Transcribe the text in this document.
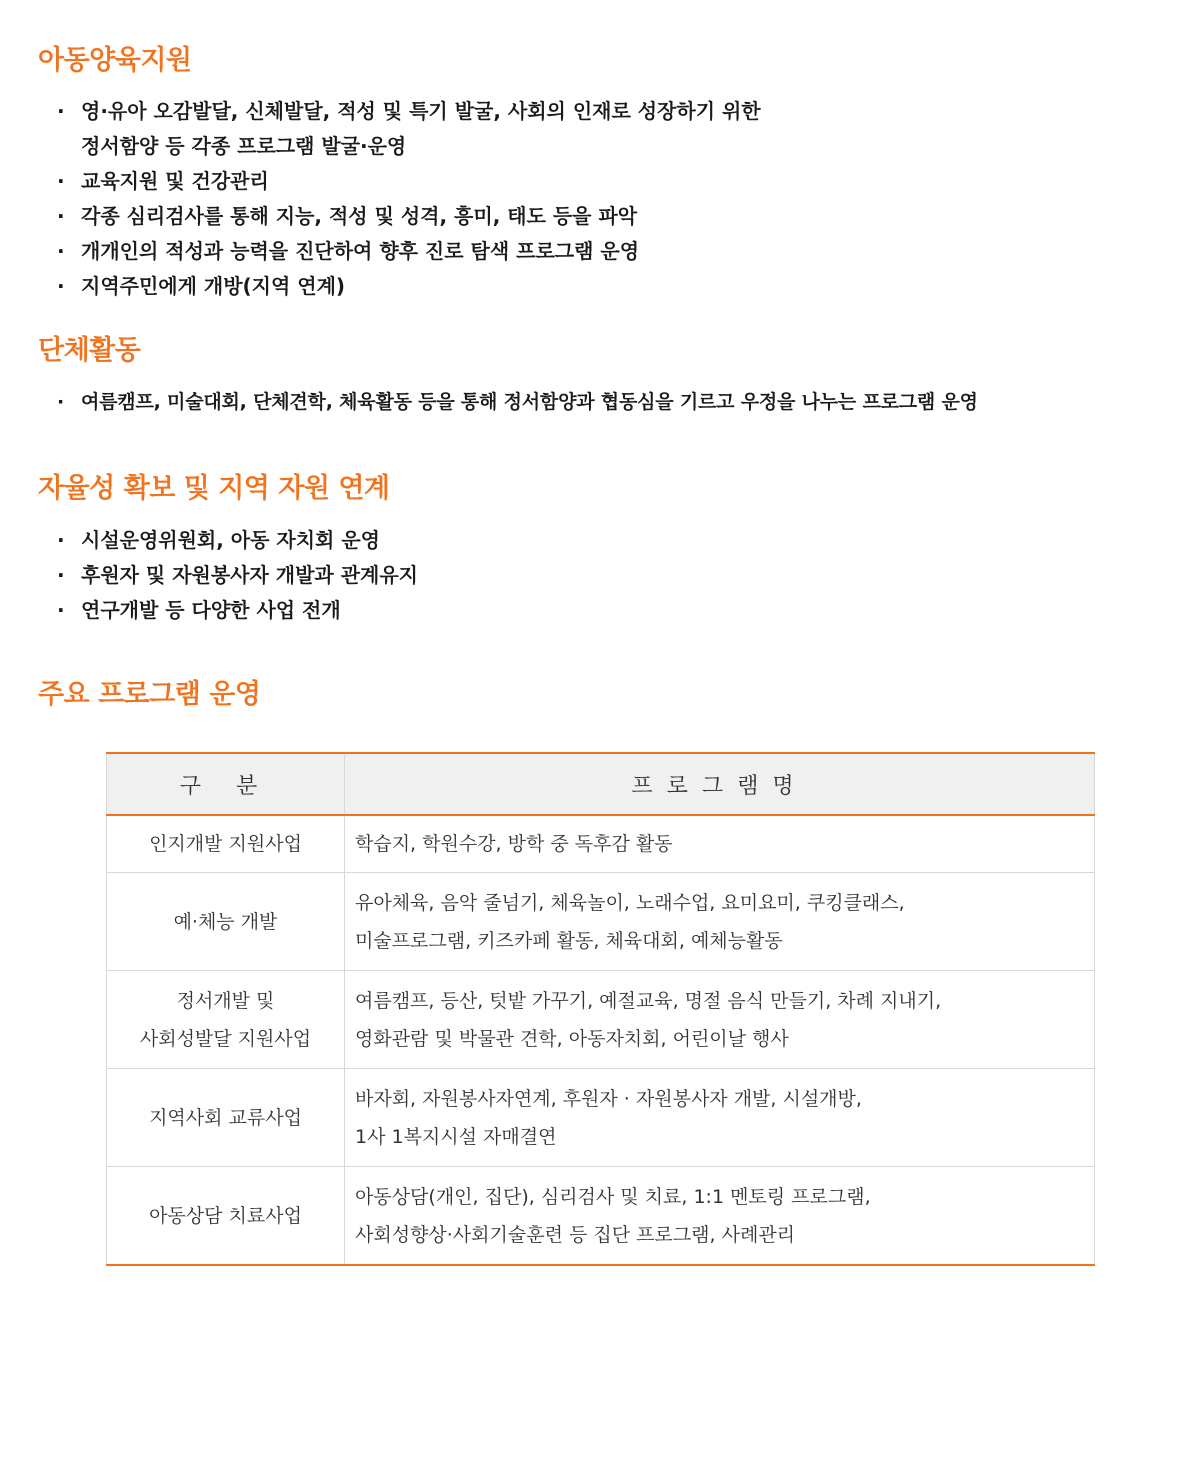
아동양육지원
· 영·유아 오감발달, 신체발달, 적성 및 특기 발굴, 사회의 인재로 성장하기 위한
정서함양 등 각종 프로그램 발굴·운영
· 교육지원 및 건강관리
· 각종 심리검사를 통해 지능, 적성 및 성격, 흥미, 태도 등을 파악
· 개개인의 적성과 능력을 진단하여 향후 진로 탐색 프로그램 운영
· 지역주민에게 개방(지역 연계)
단체활동
· 여름캠프, 미술대회, 단체견학, 체육활동 등을 통해 정서함양과 협동심을 기르고 우정을 나누는 프로그램 운영
자율성 확보 및 지역 자원 연계
· 시설운영위원회, 아동 자치회 운영
· 후원자 및 자원봉사자 개발과 관계유지
· 연구개발 등 다양한 사업 전개
주요 프로그램 운영
구 분	프로그램명

인지개발 지원사업	학습지, 학원수강, 방학 중 독후감 활동

예·체능 개발	유아체육, 음악 줄넘기, 체육놀이, 노래수업, 요미요미, 쿠킹클래스,
미술프로그램, 키즈카페 활동, 체육대회, 예체능활동

정서개발 및
사회성발달 지원사업	여름캠프, 등산, 텃밭 가꾸기, 예절교육, 명절 음식 만들기, 차례 지내기,
영화관람 및 박물관 견학, 아동자치회, 어린이날 행사

지역사회 교류사업	바자회, 자원봉사자연계, 후원자 · 자원봉사자 개발, 시설개방,
1사 1복지시설 자매결연

아동상담 치료사업	아동상담(개인, 집단), 심리검사 및 치료, 1:1 멘토링 프로그램,
사회성향상·사회기술훈련 등 집단 프로그램, 사례관리
